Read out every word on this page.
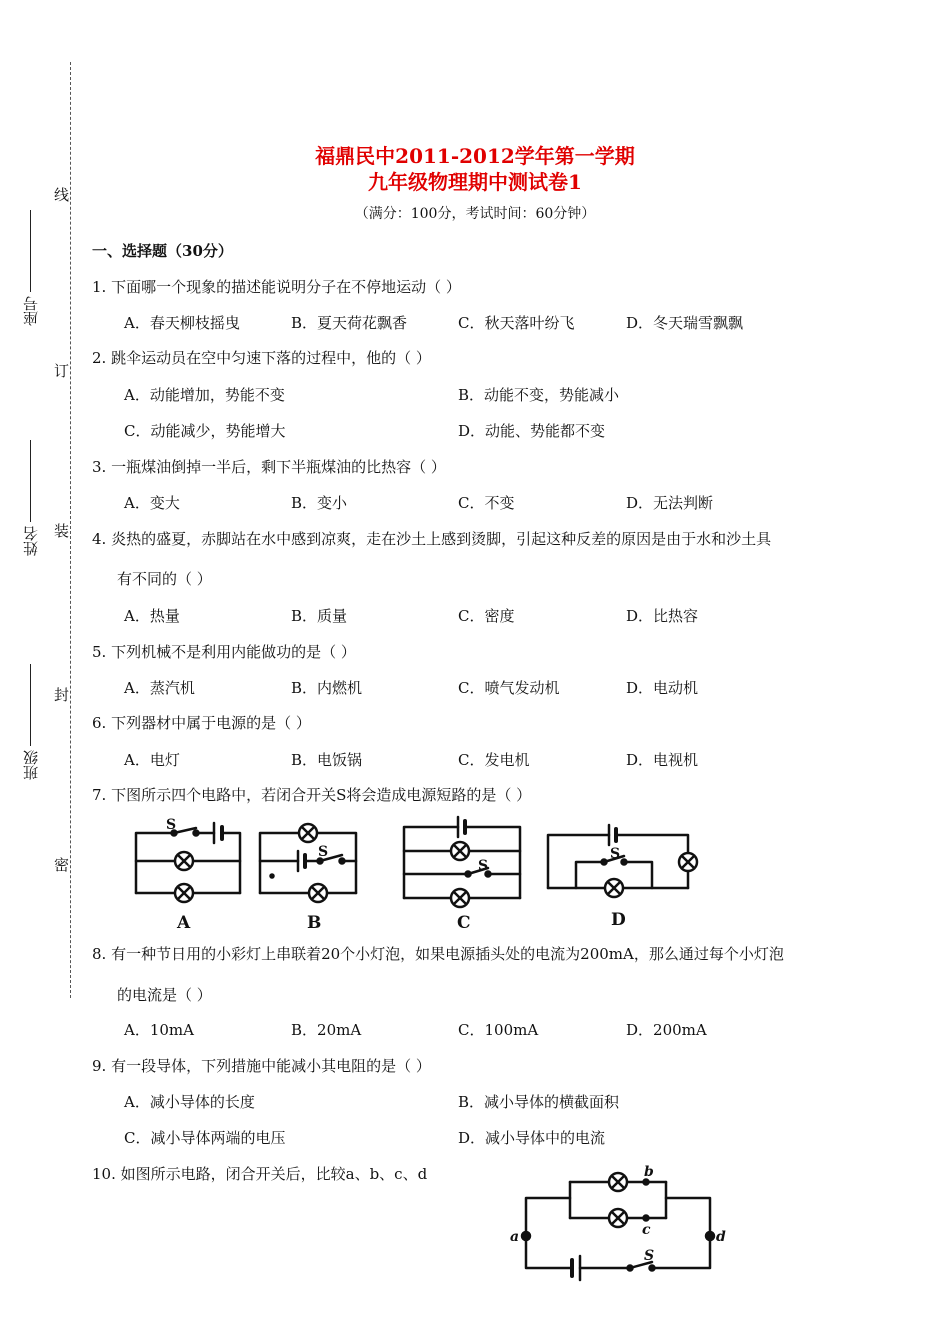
线
订
装
封
密
座号
姓名
班级
福鼎民中2011-2012学年第一学期
九年级物理期中测试卷1
（满分：100分，考试时间：60分钟）
一、选择题（30分）
1. 下面哪一个现象的描述能说明分子在不停地运动（ ）
A．春天柳枝摇曳	B．夏天荷花飘香	C．秋天落叶纷飞	D．冬天瑞雪飘飘
2. 跳伞运动员在空中匀速下落的过程中，他的（ ）
A．动能增加，势能不变	B．动能不变，势能减小
C．动能减少，势能增大	D．动能、势能都不变
3. 一瓶煤油倒掉一半后，剩下半瓶煤油的比热容（ ）
A．变大	B．变小	C．不变	D．无法判断
4. 炎热的盛夏，赤脚站在水中感到凉爽，走在沙土上感到烫脚，引起这种反差的原因是由于水和沙土具
有不同的（ ）
A．热量	B．质量	C．密度	D．比热容
5. 下列机械不是利用内能做功的是（ ）
A．蒸汽机	B．内燃机	C．喷气发动机	D．电动机
6. 下列器材中属于电源的是（ ）
A．电灯	B．电饭锅	C．发电机	D．电视机
7. 下图所示四个电路中，若闭合开关S将会造成电源短路的是（ ）
S
A
S
B
S
C
S
D
a
b
c	d
S
8. 有一种节日用的小彩灯上串联着20个小灯泡，如果电源插头处的电流为200mA，那么通过每个小灯泡
的电流是（ ）
A．10mA	B．20mA	C．100mA	D．200mA
9. 有一段导体，下列措施中能减小其电阻的是（ ）
A．减小导体的长度	B．减小导体的横截面积
C．减小导体两端的电压	D．减小导体中的电流
10. 如图所示电路，闭合开关后，比较a、b、c、d
